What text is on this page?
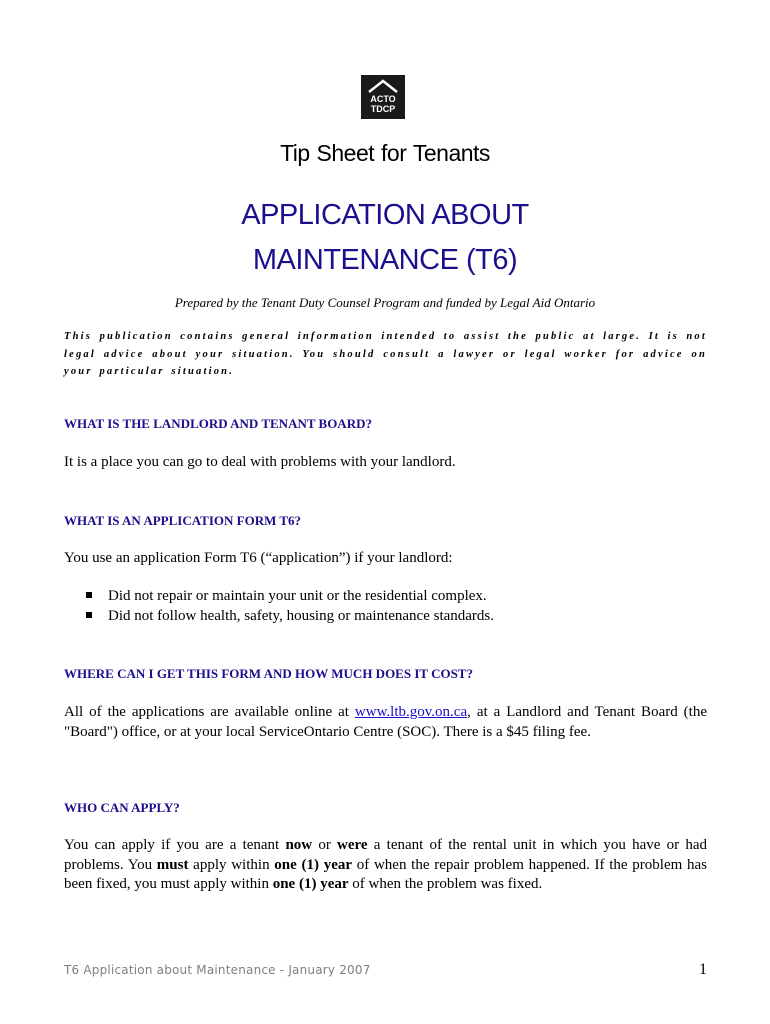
ACTO
TDCP
Tip Sheet for Tenants
APPLICATION ABOUT
MAINTENANCE (T6)
Prepared by the Tenant Duty Counsel Program and funded by Legal Aid Ontario
This publication contains general information intended to assist the public at large. It is not legal advice about your situation. You should consult a lawyer or legal worker for advice on your particular situation.
WHAT IS THE LANDLORD AND TENANT BOARD?
It is a place you can go to deal with problems with your landlord.
WHAT IS AN APPLICATION FORM T6?
You use an application Form T6 (“application”) if your landlord:
Did not repair or maintain your unit or the residential complex.
Did not follow health, safety, housing or maintenance standards.
WHERE CAN I GET THIS FORM AND HOW MUCH DOES IT COST?
All of the applications are available online at www.ltb.gov.on.ca, at a Landlord and Tenant Board (the "Board") office, or at your local ServiceOntario Centre (SOC). There is a $45 filing fee.
WHO CAN APPLY?
You can apply if you are a tenant now or were a tenant of the rental unit in which you have or had problems. You must apply within one (1) year of when the repair problem happened. If the problem has been fixed, you must apply within one (1) year of when the problem was fixed.
T6 Application about Maintenance - January 2007	1
